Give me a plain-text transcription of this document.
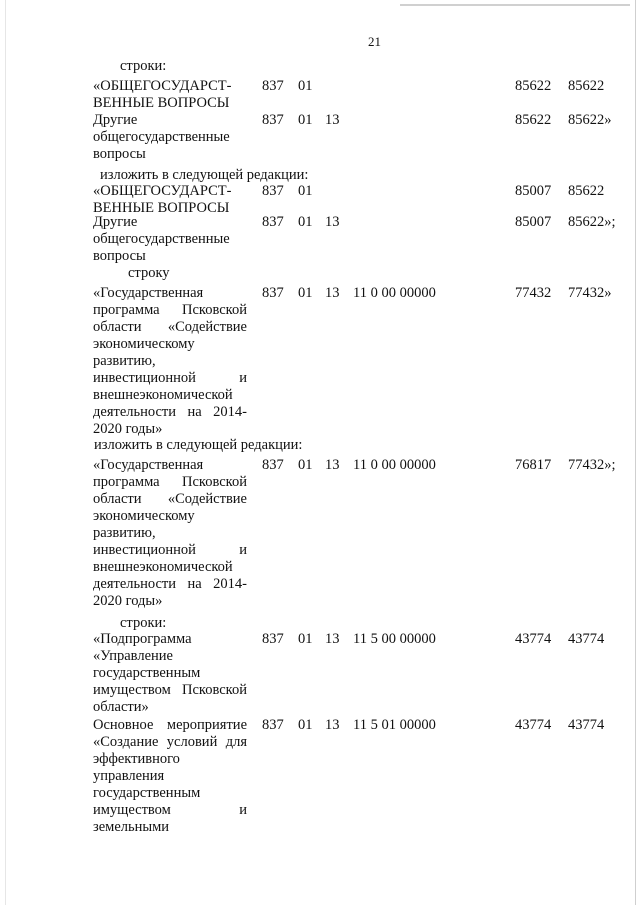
21
строки:
«ОБЩЕГОСУДАРСТ-
ВЕННЫЕ ВОПРОСЫ
837 01	85622 85622
Другие
общегосударственные
вопросы
837 01 13	85622 85622»
изложить в следующей редакции:
«ОБЩЕГОСУДАРСТ-
ВЕННЫЕ ВОПРОСЫ
837 01	85007 85622
Другие
общегосударственные
вопросы
837 01 13	85007 85622»;
строку
«Государственная
программа Псковской
области «Содействие
экономическому
развитию,
инвестиционной и
внешнеэкономической
деятельности на 2014-
2020 годы»
837 01 13 11 0 00 00000	77432 77432»
изложить в следующей редакции:
«Государственная
программа Псковской
области «Содействие
экономическому
развитию,
инвестиционной и
внешнеэкономической
деятельности на 2014-
2020 годы»
837 01 13 11 0 00 00000	76817 77432»;
строки:
«Подпрограмма
«Управление
государственным
имуществом Псковской
области»
837 01 13 11 5 00 00000	43774 43774
Основное мероприятие
«Создание условий для
эффективного
управления
государственным
имуществом и
земельными
837 01 13 11 5 01 00000	43774 43774
